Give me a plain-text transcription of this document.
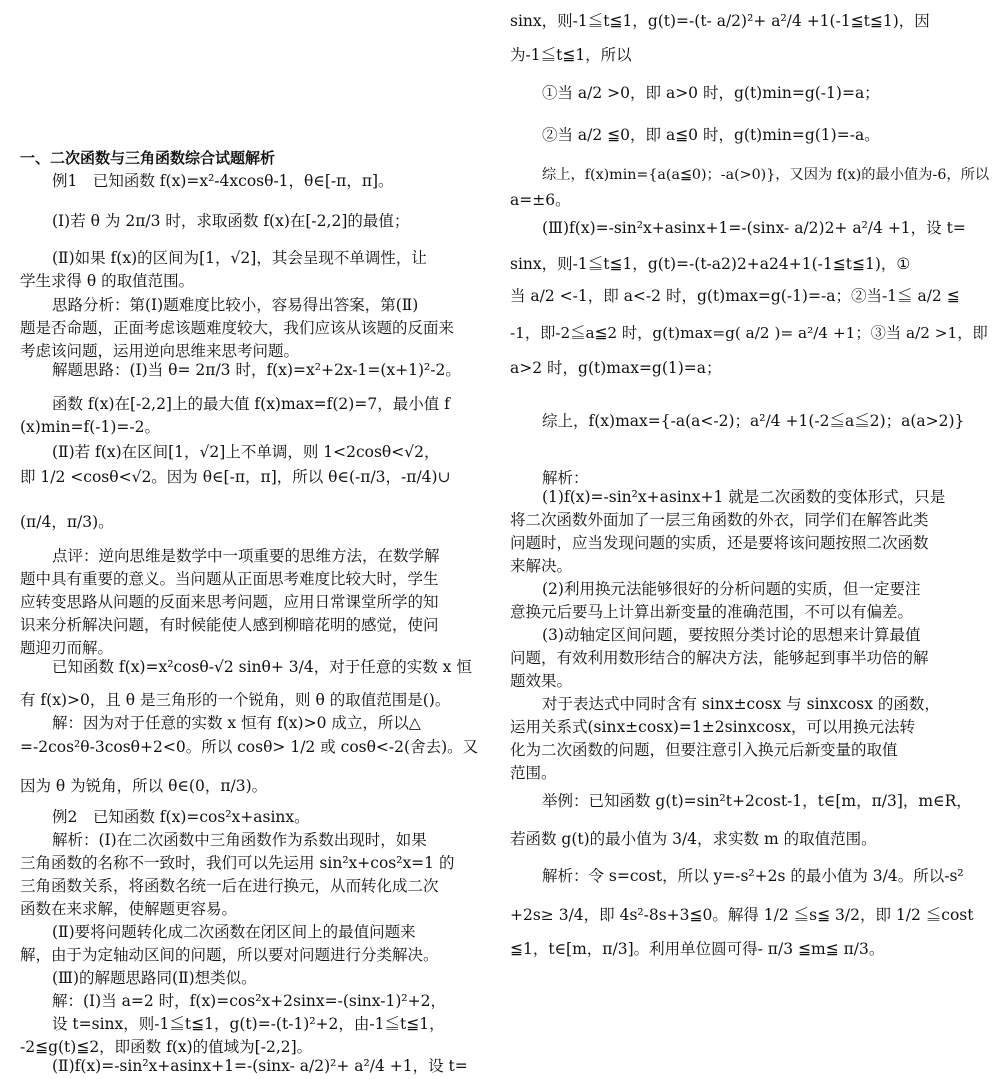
一、二次函数与三角函数综合试题解析
例1　已知函数 f(x)=x²-4xcosθ-1，θ∈[-π，π]。
(Ⅰ)若 θ 为 2π/3 时，求取函数 f(x)在[-2,2]的最值；
(Ⅱ)如果 f(x)的区间为[1，√2]，其会呈现不单调性，让
学生求得 θ 的取值范围。
思路分析：第(Ⅰ)题难度比较小，容易得出答案，第(Ⅱ)
题是否命题，正面考虑该题难度较大，我们应该从该题的反面来
考虑该问题，运用逆向思维来思考问题。
解题思路：(Ⅰ)当 θ= 2π/3 时，f(x)=x²+2x-1=(x+1)²-2。
函数 f(x)在[-2,2]上的最大值 f(x)max=f(2)=7，最小值 f
(x)min=f(-1)=-2。
(Ⅱ)若 f(x)在区间[1，√2]上不单调，则 1<2cosθ<√2，
即 1/2 <cosθ<√2。因为 θ∈[-π，π]，所以 θ∈(-π/3，-π/4)∪
(π/4，π/3)。
点评：逆向思维是数学中一项重要的思维方法，在数学解
题中具有重要的意义。当问题从正面思考难度比较大时，学生
应转变思路从问题的反面来思考问题，应用日常课堂所学的知
识来分析解决问题，有时候能使人感到柳暗花明的感觉，使问
题迎刃而解。
已知函数 f(x)=x²cosθ-√2 sinθ+ 3/4，对于任意的实数 x 恒
有 f(x)>0，且 θ 是三角形的一个锐角，则 θ 的取值范围是()。
解：因为对于任意的实数 x 恒有 f(x)>0 成立，所以△
=-2cos²θ-3cosθ+2<0。所以 cosθ> 1/2 或 cosθ<-2(舍去)。又
因为 θ 为锐角，所以 θ∈(0，π/3)。
例2　已知函数 f(x)=cos²x+asinx。
解析：(Ⅰ)在二次函数中三角函数作为系数出现时，如果
三角函数的名称不一致时，我们可以先运用 sin²x+cos²x=1 的
三角函数关系，将函数名统一后在进行换元，从而转化成二次
函数在来求解，使解题更容易。
(Ⅱ)要将问题转化成二次函数在闭区间上的最值问题来
解，由于为定轴动区间的问题，所以要对问题进行分类解决。
(Ⅲ)的解题思路同(Ⅱ)想类似。
解：(Ⅰ)当 a=2 时，f(x)=cos²x+2sinx=-(sinx-1)²+2，
设 t=sinx，则-1≦t≦1，g(t)=-(t-1)²+2，由-1≦t≦1，
-2≦g(t)≦2，即函数 f(x)的值域为[-2,2]。
(Ⅱ)f(x)=-sin²x+asinx+1=-(sinx- a/2)²+ a²/4 +1，设 t=
sinx，则-1≦t≦1，g(t)=-(t- a/2)²+ a²/4 +1(-1≦t≦1)，因
为-1≦t≦1，所以
①当 a/2 >0，即 a>0 时，g(t)min=g(-1)=a；
②当 a/2 ≦0，即 a≦0 时，g(t)min=g(1)=-a。
综上，f(x)min={a(a≦0)；-a(>0)}，又因为 f(x)的最小值为-6，所以
a=±6。
(Ⅲ)f(x)=-sin²x+asinx+1=-(sinx- a/2)2+ a²/4 +1，设 t=
sinx，则-1≦t≦1，g(t)=-(t-a2)2+a24+1(-1≦t≦1)，①
当 a/2 <-1，即 a<-2 时，g(t)max=g(-1)=-a；②当-1≦ a/2 ≦
-1，即-2≦a≦2 时，g(t)max=g( a/2 )= a²/4 +1；③当 a/2 >1，即
a>2 时，g(t)max=g(1)=a；
综上，f(x)max={-a(a<-2)；a²/4 +1(-2≦a≦2)；a(a>2)}
解析：
(1)f(x)=-sin²x+asinx+1 就是二次函数的变体形式，只是
将二次函数外面加了一层三角函数的外衣，同学们在解答此类
问题时，应当发现问题的实质，还是要将该问题按照二次函数
来解决。
(2)利用换元法能够很好的分析问题的实质，但一定要注
意换元后要马上计算出新变量的准确范围，不可以有偏差。
(3)动轴定区间问题，要按照分类讨论的思想来计算最值
问题，有效利用数形结合的解决方法，能够起到事半功倍的解
题效果。
对于表达式中同时含有 sinx±cosx 与 sinxcosx 的函数，
运用关系式(sinx±cosx)=1±2sinxcosx，可以用换元法转
化为二次函数的问题，但要注意引入换元后新变量的取值
范围。
举例：已知函数 g(t)=sin²t+2cost-1，t∈[m，π/3]，m∈R，
若函数 g(t)的最小值为 3/4，求实数 m 的取值范围。
解析：令 s=cost，所以 y=-s²+2s 的最小值为 3/4。所以-s²
+2s≥ 3/4，即 4s²-8s+3≦0。解得 1/2 ≦s≦ 3/2，即 1/2 ≦cost
≦1，t∈[m，π/3]。利用单位圆可得- π/3 ≦m≦ π/3。
